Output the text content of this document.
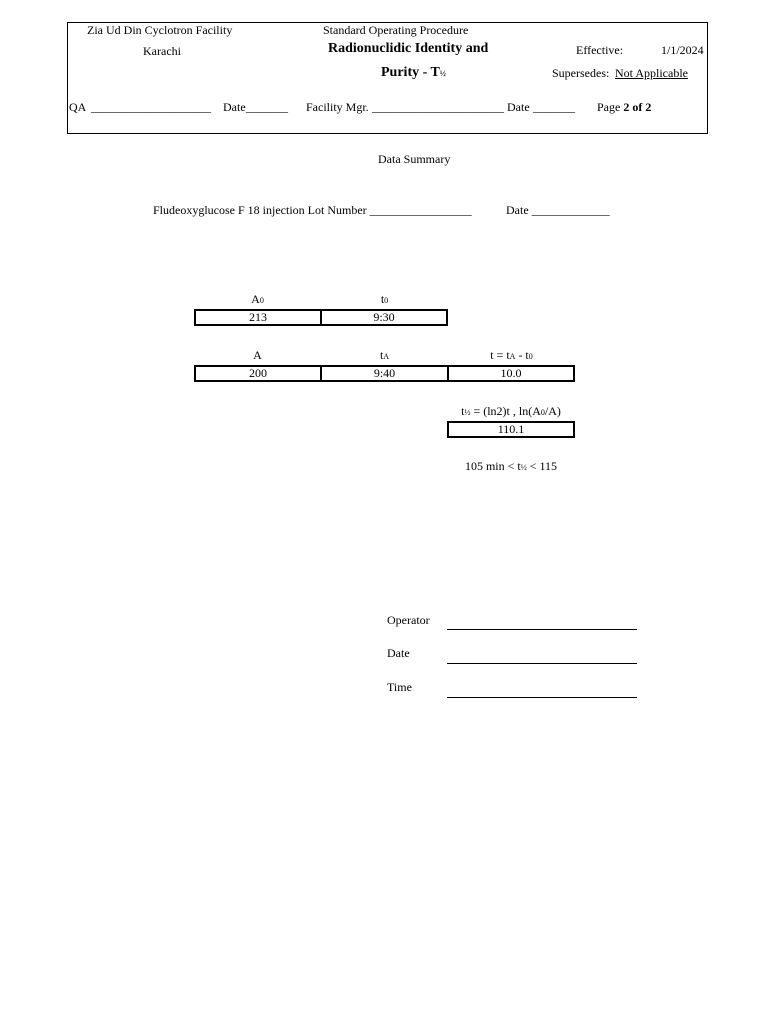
Zia Ud Din Cyclotron Facility
Karachi
Standard Operating Procedure
Radionuclidic Identity and
Purity - T½
Effective:	1/1/2024
Supersedes: Not Applicable
QA ____________________ Date _______ Facility Mgr. ______________________ Date _______ Page 2 of 2
Data Summary
Fludeoxyglucose F 18 injection Lot Number _________________	Date _____________
A0	t0
213	9:30
A	tA	t = tA - t0
200	9:40	10.0
t½ = (ln2)t , ln(A0/A)
110.1
105 min < t½ < 115
Operator
Date
Time
